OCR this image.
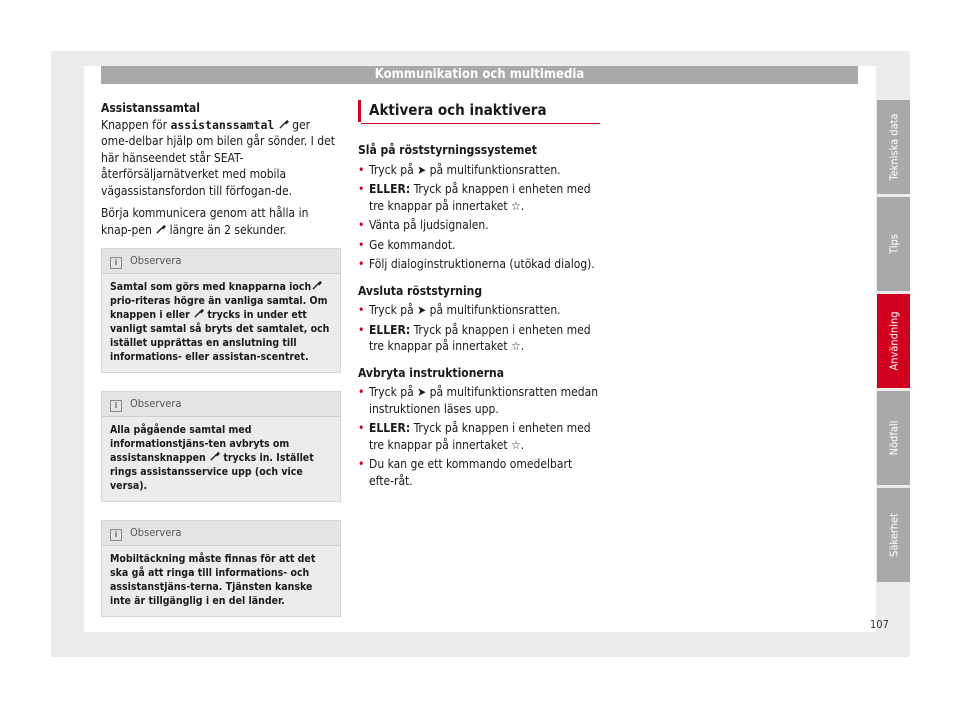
Kommunikation och multimedia
Assistanssamtal
Knappen för assistanssamtal  ger ome-delbar hjälp om bilen går sönder. I det här hänseendet står SEAT-återförsäljarnätverket med mobila vägassistansfordon till förfogan-de.
Börja kommunicera genom att hålla in knap-pen  längre än 2 sekunder.
i Observera
Samtal som görs med knapparna ioch prio-riteras högre än vanliga samtal. Om knappen i eller  trycks in under ett vanligt samtal så bryts det samtalet, och istället upprättas en anslutning till informations- eller assistan-scentret.
i Observera
Alla pågående samtal med informationstjäns-ten avbryts om assistansknappen  trycks in. Istället rings assistansservice upp (och vice versa).
i Observera
Mobiltäckning måste finnas för att det ska gå att ringa till informations- och assistanstjäns-terna. Tjänsten kanske inte är tillgänglig i en del länder.
Aktivera och inaktivera
Slå på röststyrningssystemet
• Tryck på ➤ på multifunktionsratten.
• ELLER: Tryck på knappen i enheten med tre knappar på innertaket ☆.
• Vänta på ljudsignalen.
• Ge kommandot.
• Följ dialoginstruktionerna (utökad dialog).
Avsluta röststyrning
• Tryck på ➤ på multifunktionsratten.
• ELLER: Tryck på knappen i enheten med tre knappar på innertaket ☆.
Avbryta instruktionerna
• Tryck på ➤ på multifunktionsratten medan instruktionen läses upp.
• ELLER: Tryck på knappen i enheten med tre knappar på innertaket ☆.
• Du kan ge ett kommando omedelbart efte-råt.
Tekniska data
Tips
Användning
Nödfall
Säkerhet
107
